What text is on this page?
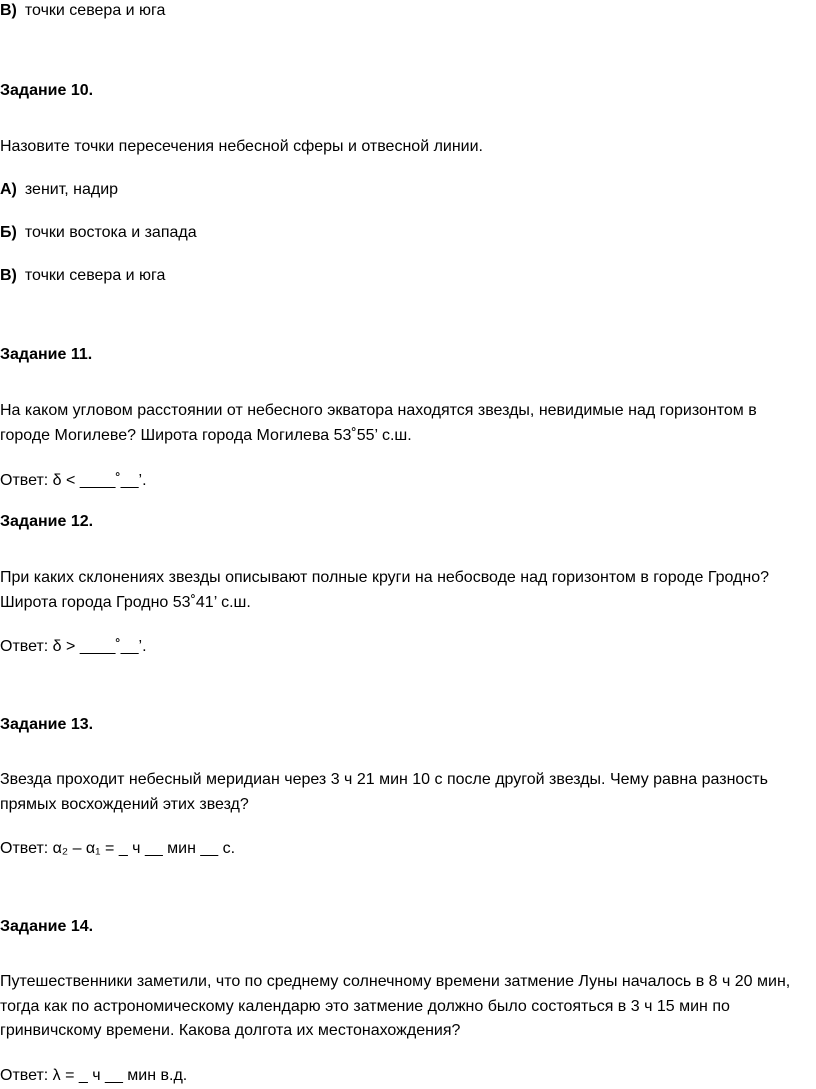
В) точки севера и юга
Задание 10.
Назовите точки пересечения небесной сферы и отвесной линии.
А) зенит, надир
Б) точки востока и запада
В) точки севера и юга
Задание 11.
На каком угловом расстоянии от небесного экватора находятся звезды, невидимые над горизонтом в
городе Могилеве? Широта города Могилева 53˚55’ с.ш.
Ответ: δ < ____˚__’.
Задание 12.
При каких склонениях звезды описывают полные круги на небосводе над горизонтом в городе Гродно?
Широта города Гродно 53˚41’ с.ш.
Ответ: δ > ____˚__’.
Задание 13.
Звезда проходит небесный меридиан через 3 ч 21 мин 10 с после другой звезды. Чему равна разность
прямых восхождений этих звезд?
Ответ: α₂ – α₁ = _ ч __ мин __ с.
Задание 14.
Путешественники заметили, что по среднему солнечному времени затмение Луны началось в 8 ч 20 мин,
тогда как по астрономическому календарю это затмение должно было состояться в 3 ч 15 мин по
гринвичскому времени. Какова долгота их местонахождения?
Ответ: λ = _ ч __ мин в.д.
